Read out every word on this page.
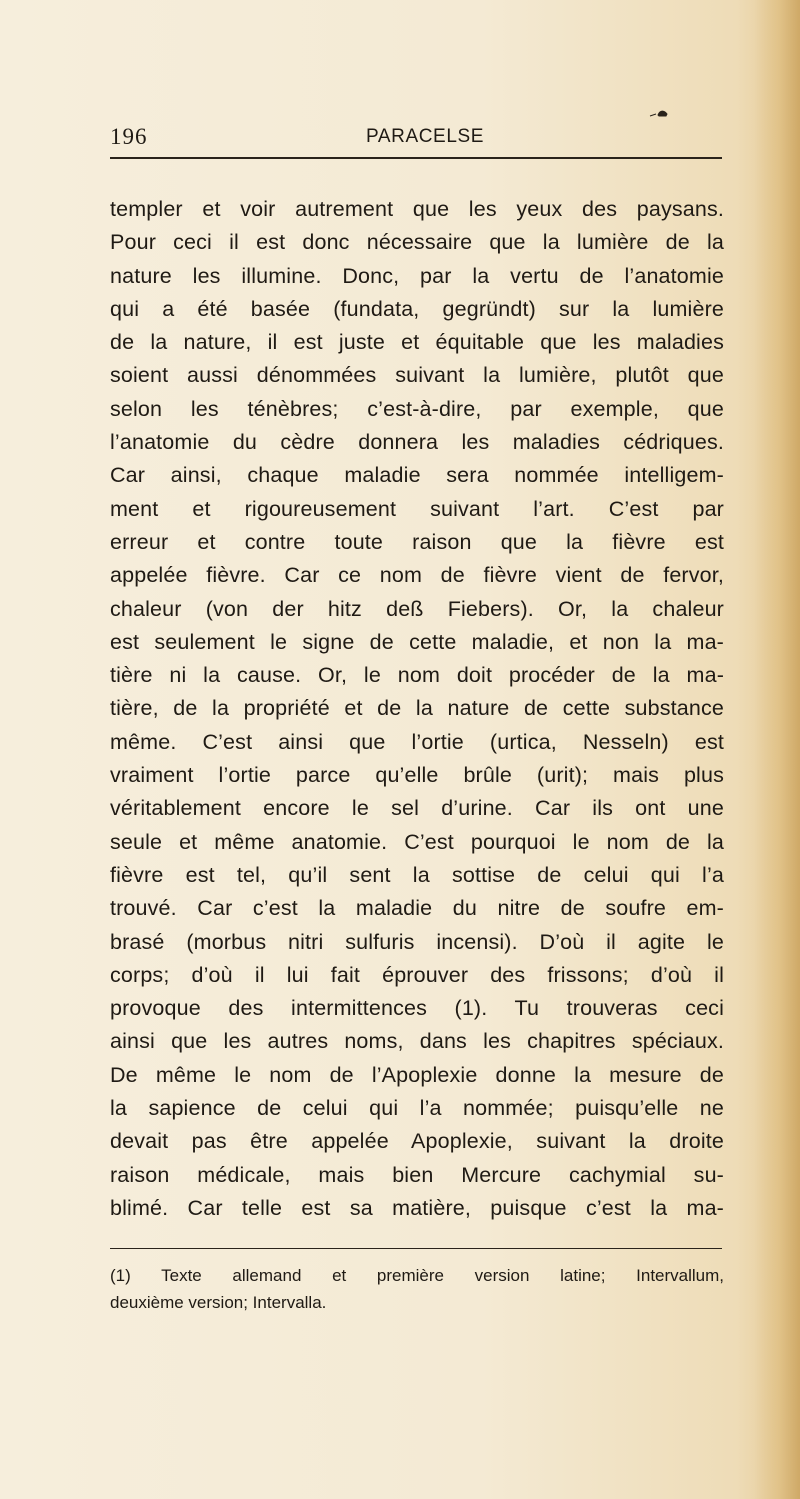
196	PARACELSE
templer et voir autrement que les yeux des paysans.
Pour ceci il est donc nécessaire que la lumière de la
nature les illumine. Donc, par la vertu de l’anatomie
qui a été basée (fundata, gegründt) sur la lumière
de la nature, il est juste et équitable que les maladies
soient aussi dénommées suivant la lumière, plutôt que
selon les ténèbres; c’est-à-dire, par exemple, que
l’anatomie du cèdre donnera les maladies cédriques.
Car ainsi, chaque maladie sera nommée intelligem-
ment et rigoureusement suivant l’art. C’est par
erreur et contre toute raison que la fièvre est
appelée fièvre. Car ce nom de fièvre vient de fervor,
chaleur (von der hitz deß Fiebers). Or, la chaleur
est seulement le signe de cette maladie, et non la ma-
tière ni la cause. Or, le nom doit procéder de la ma-
tière, de la propriété et de la nature de cette substance
même. C’est ainsi que l’ortie (urtica, Nesseln) est
vraiment l’ortie parce qu’elle brûle (urit); mais plus
véritablement encore le sel d’urine. Car ils ont une
seule et même anatomie. C’est pourquoi le nom de la
fièvre est tel, qu’il sent la sottise de celui qui l’a
trouvé. Car c’est la maladie du nitre de soufre em-
brasé (morbus nitri sulfuris incensi). D’où il agite le
corps; d’où il lui fait éprouver des frissons; d’où il
provoque des intermittences (1). Tu trouveras ceci
ainsi que les autres noms, dans les chapitres spéciaux.
De même le nom de l’Apoplexie donne la mesure de
la sapience de celui qui l’a nommée; puisqu’elle ne
devait pas être appelée Apoplexie, suivant la droite
raison médicale, mais bien Mercure cachymial su-
blimé. Car telle est sa matière, puisque c’est la ma-
(1) Texte allemand et première version latine; Intervallum,
deuxième version; Intervalla.
